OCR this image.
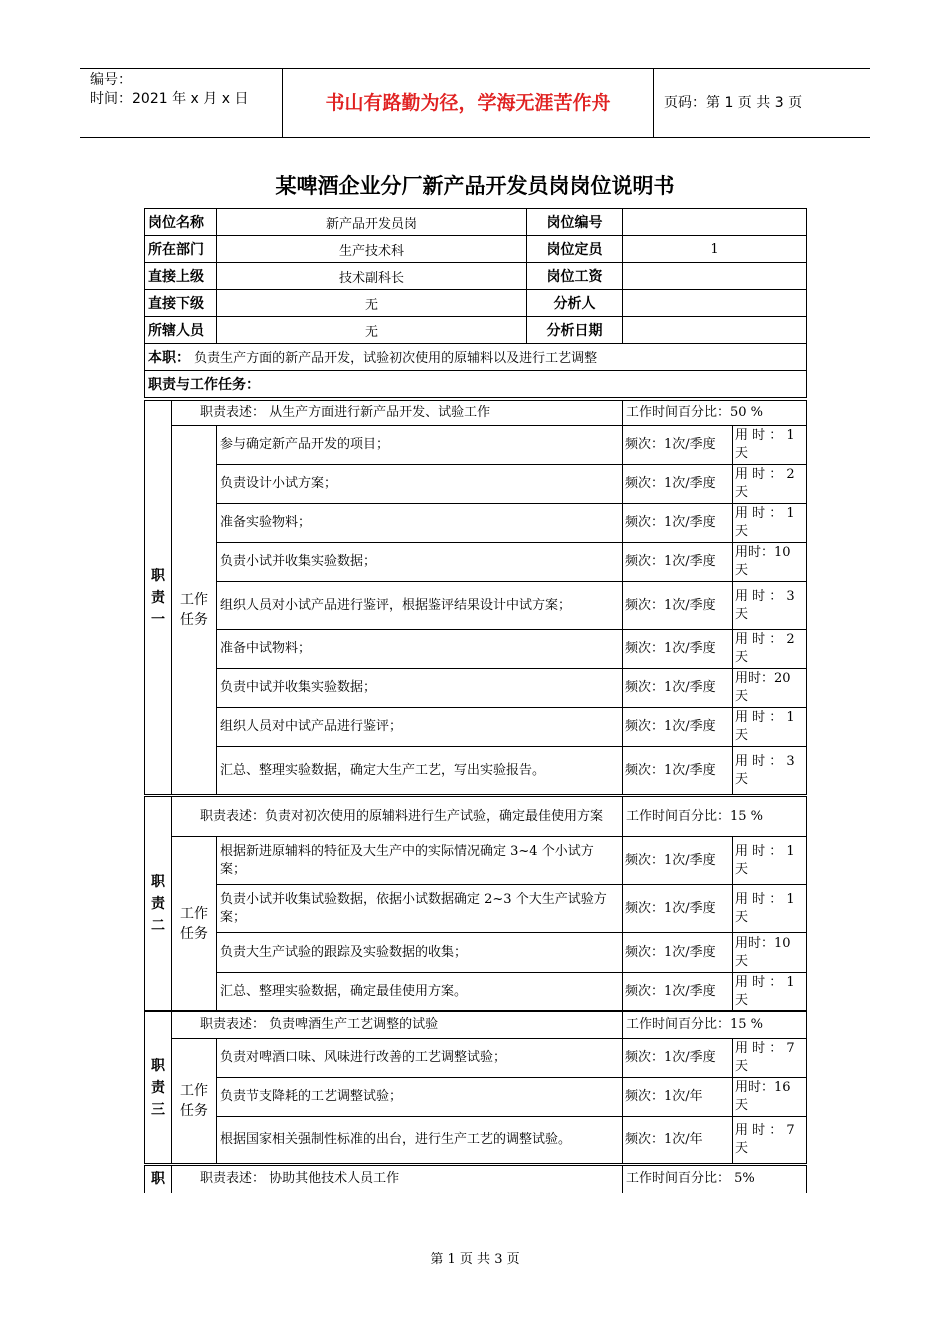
编号：
时间：2021 年 x 月 x 日	书山有路勤为径，学海无涯苦作舟	页码：第 1 页 共 3 页
某啤酒企业分厂新产品开发员岗岗位说明书
岗位名称	新产品开发员岗	岗位编号	
所在部门	生产技术科	岗位定员	1
直接上级	技术副科长	岗位工资	
直接下级	无	分析人	
所辖人员	无	分析日期	
本职： 负责生产方面的新产品开发，试验初次使用的原辅料以及进行工艺调整			
职责与工作任务：			
职责一	职责表述： 从生产方面进行新产品开发、试验工作		工作时间百分比：50 %	

	工作任务	参与确定新产品开发的项目；	频次：1次/季度	用 时 ： 1 天
		负责设计小试方案；	频次：1次/季度	用 时 ： 2 天
		准备实验物料；	频次：1次/季度	用 时 ： 1 天
		负责小试并收集实验数据；	频次：1次/季度	用时：10 天
		组织人员对小试产品进行鉴评，根据鉴评结果设计中试方案；	频次：1次/季度	用 时 ： 3 天
		准备中试物料；	频次：1次/季度	用 时 ： 2 天
		负责中试并收集实验数据；	频次：1次/季度	用时：20 天
		组织人员对中试产品进行鉴评；	频次：1次/季度	用 时 ： 1 天
		汇总、整理实验数据，确定大生产工艺，写出实验报告。	频次：1次/季度	用 时 ： 3 天
职责二	职责表述：负责对初次使用的原辅料进行生产试验，确定最佳使用方案		工作时间百分比：15 %	

	工作任务	根据新进原辅料的特征及大生产中的实际情况确定 3~4 个小试方案；	频次：1次/季度	用 时 ： 1 天
		负责小试并收集试验数据，依据小试数据确定 2~3 个大生产试验方案；	频次：1次/季度	用 时 ： 1 天
		负责大生产试验的跟踪及实验数据的收集；	频次：1次/季度	用时：10 天
		汇总、整理实验数据，确定最佳使用方案。	频次：1次/季度	用 时 ： 1 天
职责三	职责表述： 负责啤酒生产工艺调整的试验		工作时间百分比：15 %	

	工作任务	负责对啤酒口味、风味进行改善的工艺调整试验；	频次：1次/季度	用 时 ： 7 天
		负责节支降耗的工艺调整试验；	频次：1次/年	用时：16 天
		根据国家相关强制性标准的出台，进行生产工艺的调整试验。	频次：1次/年	用 时 ： 7 天
职	职责表述： 协助其他技术人员工作	工作时间百分比： 5%
第 1 页 共 3 页
